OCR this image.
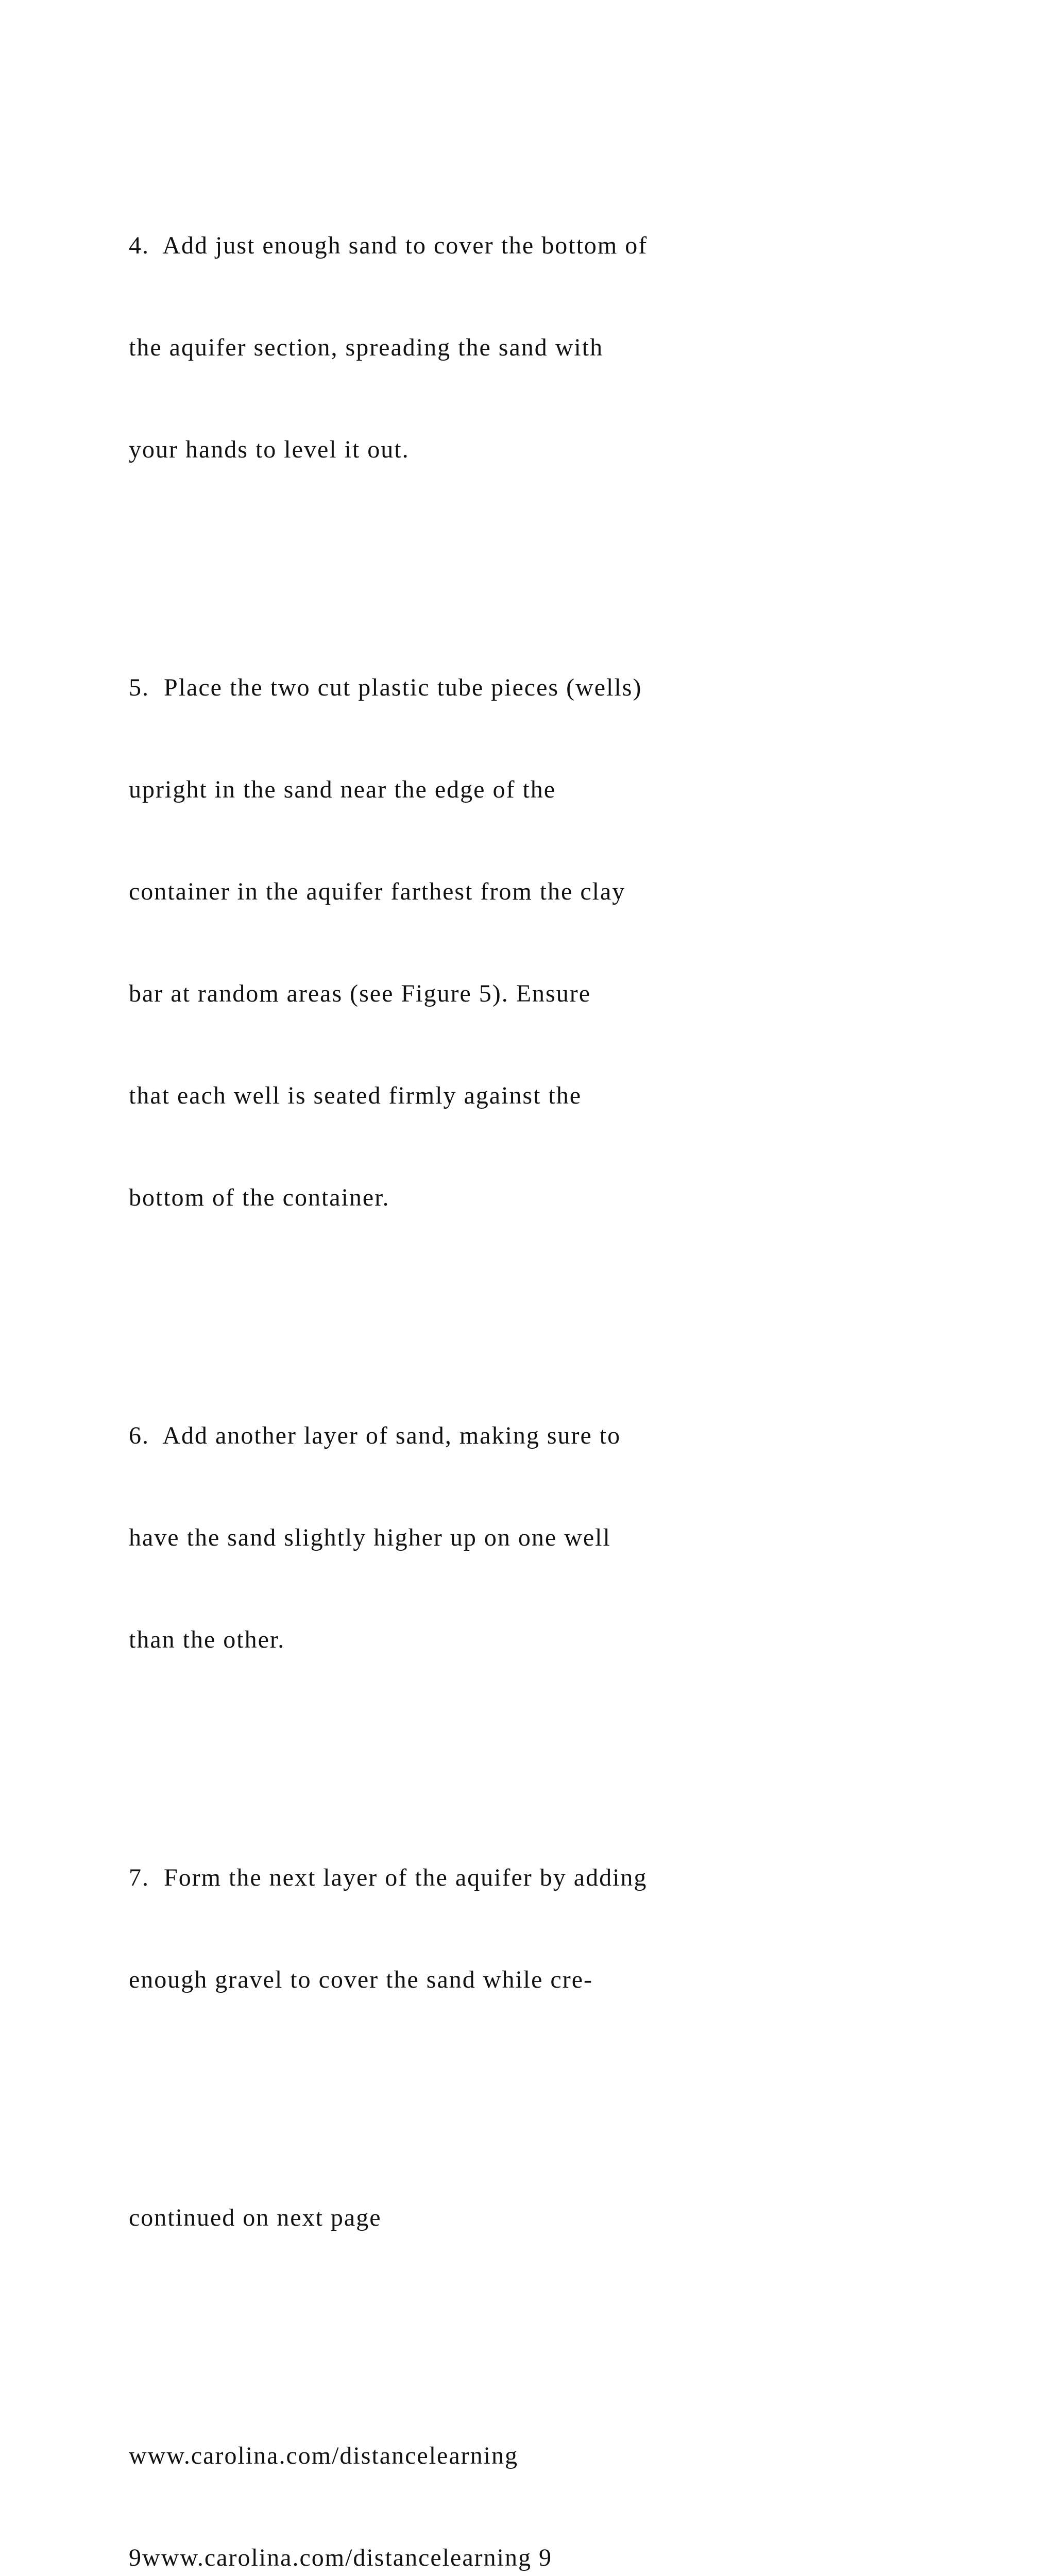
4.  Add just enough sand to cover the bottom of

the aquifer section, spreading the sand with

your hands to level it out.

5.  Place the two cut plastic tube pieces (wells)

upright in the sand near the edge of the

container in the aquifer farthest from the clay

bar at random areas (see Figure 5). Ensure

that each well is seated firmly against the

bottom of the container.

6.  Add another layer of sand, making sure to

have the sand slightly higher up on one well

than the other.

7.  Form the next layer of the aquifer by adding

enough gravel to cover the sand while cre-

continued on next page

www.carolina.com/distancelearning

9www.carolina.com/distancelearning 9
